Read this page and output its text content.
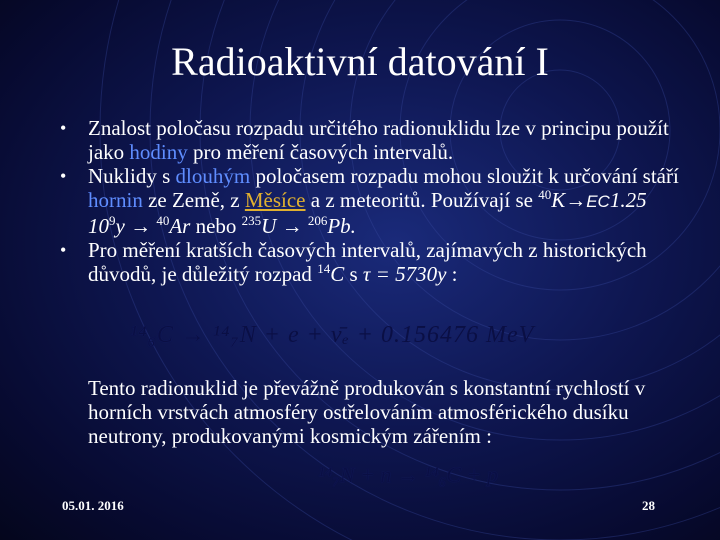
Radioaktivní datování I
• Znalost poločasu rozpadu určitého radionuklidu lze v principu použít jako hodiny pro měření časových intervalů.
• Nuklidy s dlouhým poločasem rozpadu mohou sloužit k určování stáří hornin ze Země, z Měsíce a z meteoritů. Používají se $^{40}$K→EC1.25 $10^9y \to ^{40}Ar$ nebo $^{235}$U → $^{206}$Pb.
• Pro měření kratších časových intervalů, zajímavých z historických důvodů, je důležitý rozpad $^{14}$C s τ = 5730y :
¹⁴₆C → ¹⁴₇N + e + ν̄ₑ + 0.156476 MeV
Tento radionuklid je převážně produkován s konstantní rychlostí v horních vrstvách atmosféry ostřelováním atmosférického dusíku neutrony, produkovanými kosmickým zářením :
¹⁴₇N + n → ¹⁴₆C + p
05.01. 2016	28
